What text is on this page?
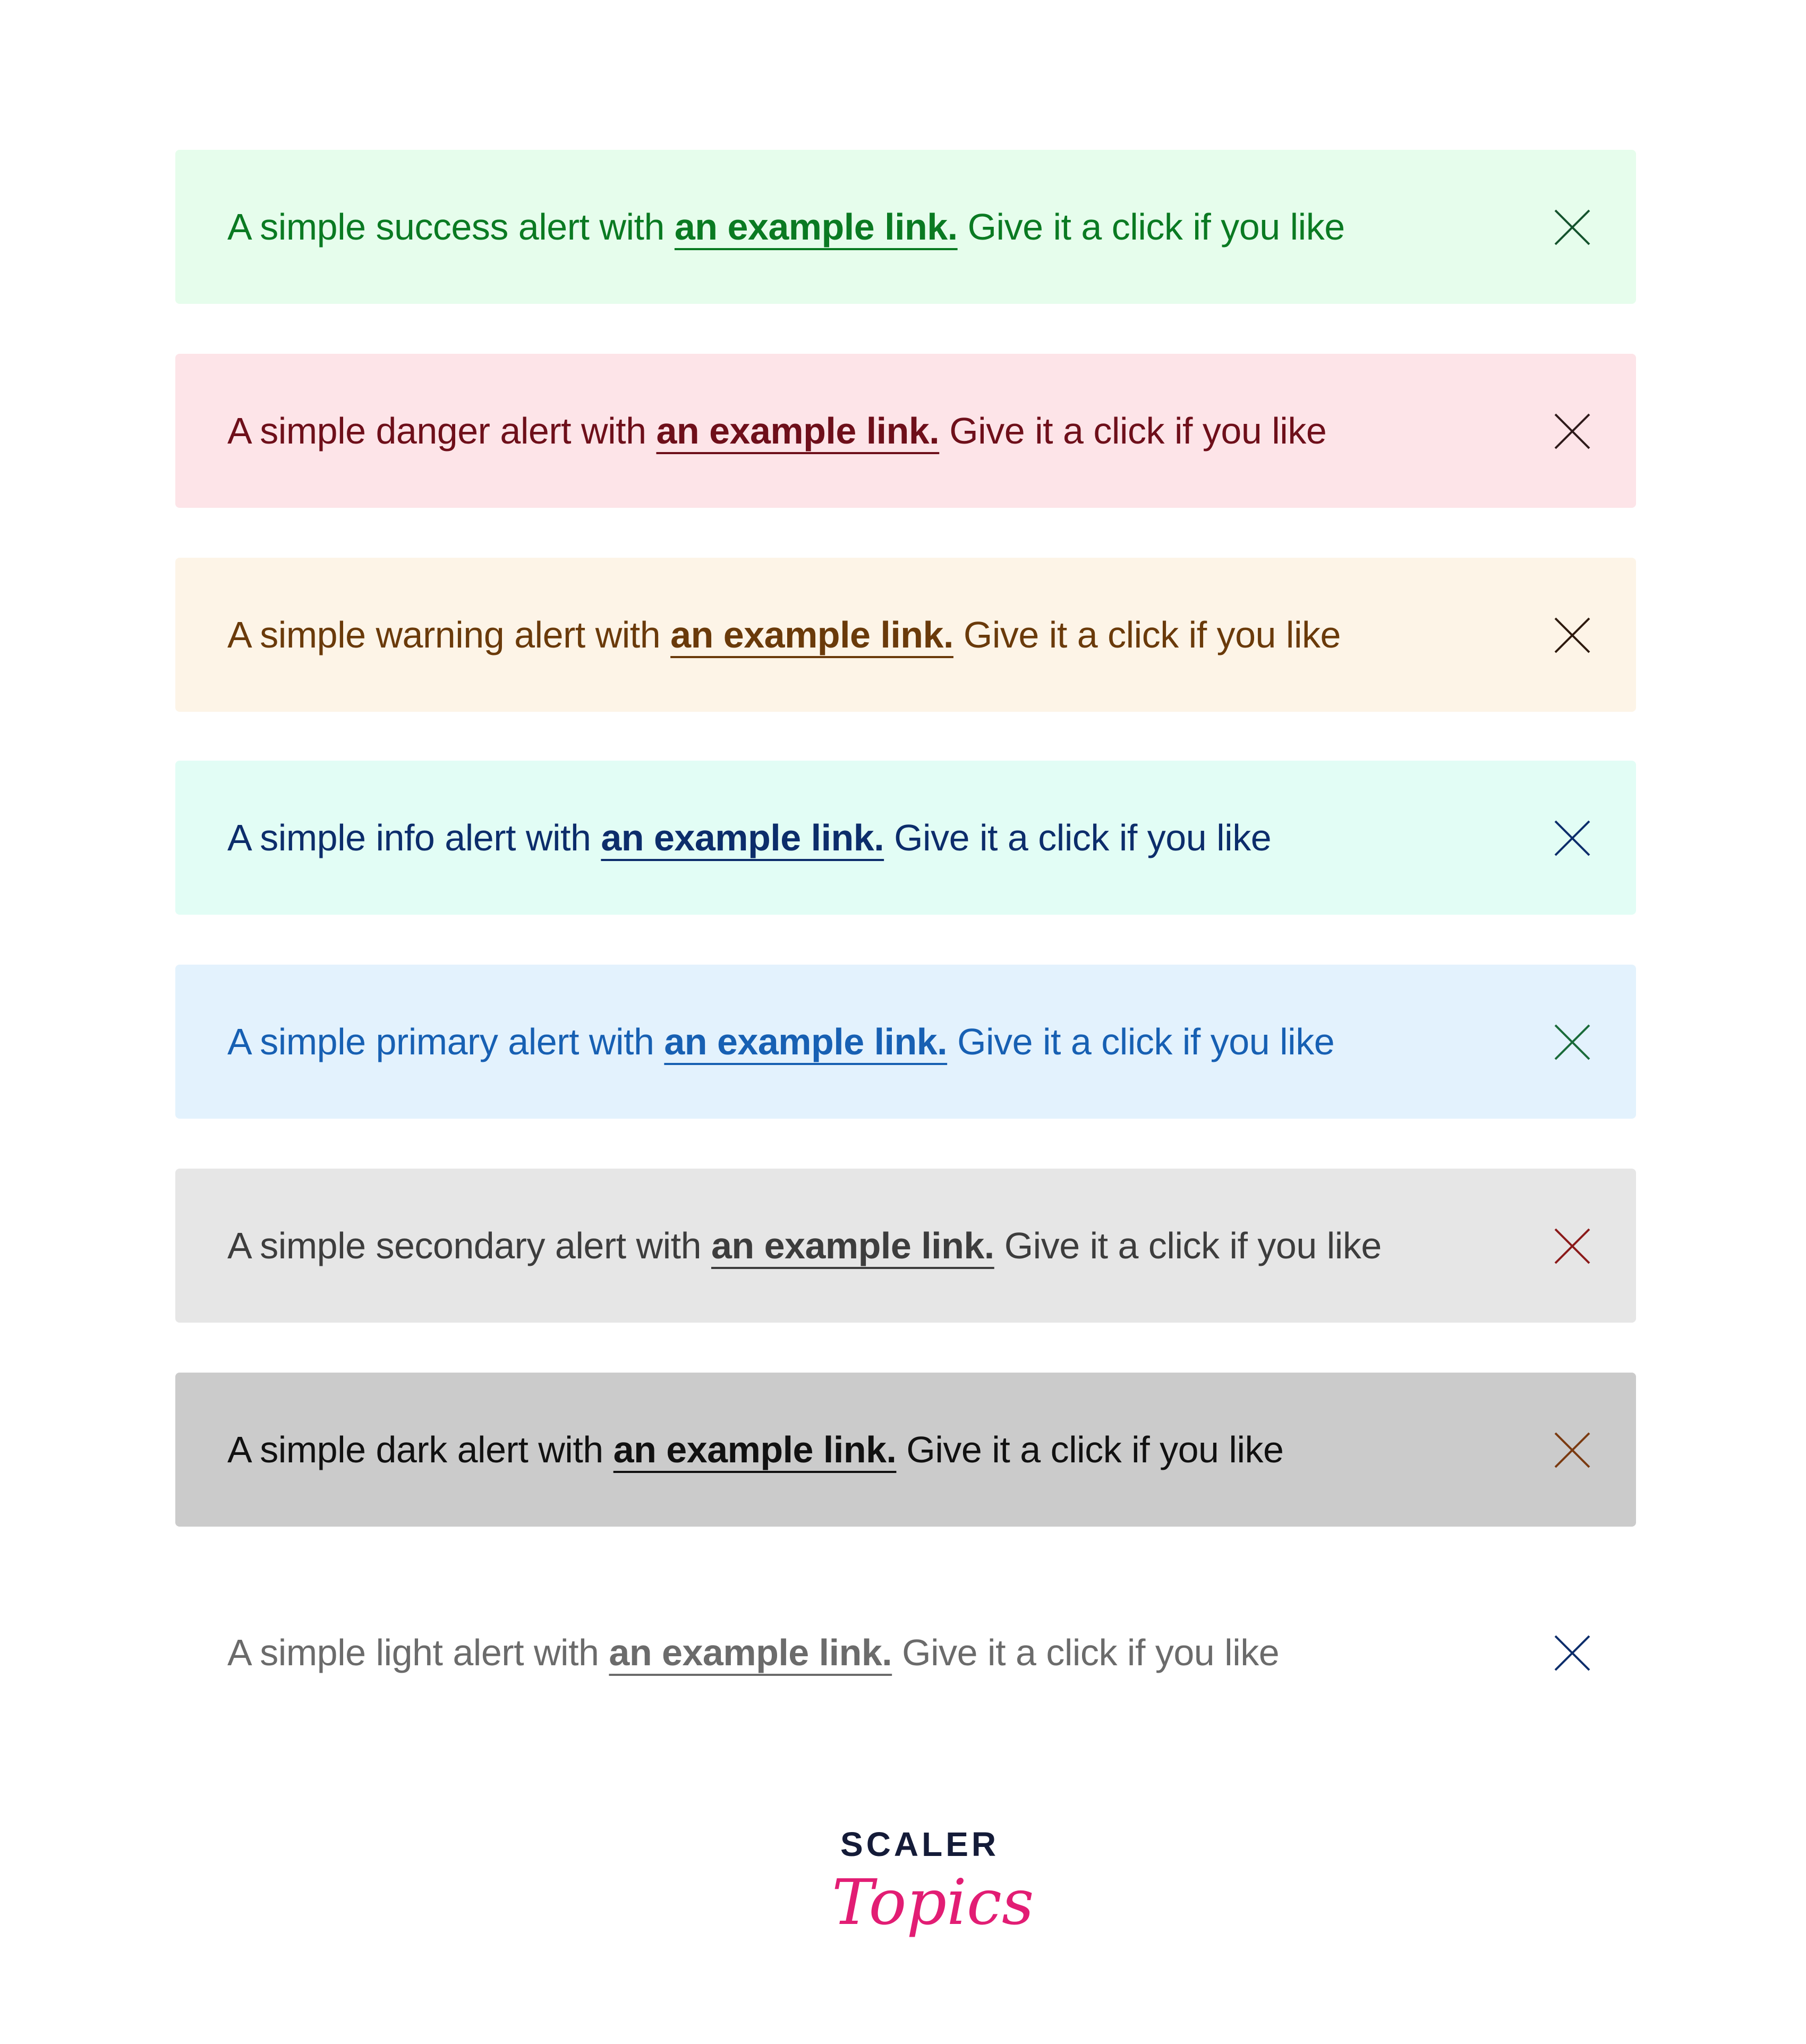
A simple success alert with an example link. Give it a click if you like
A simple danger alert with an example link. Give it a click if you like
A simple warning alert with an example link. Give it a click if you like
A simple info alert with an example link. Give it a click if you like
A simple primary alert with an example link. Give it a click if you like
A simple secondary alert with an example link. Give it a click if you like
A simple dark alert with an example link. Give it a click if you like
A simple light alert with an example link. Give it a click if you like
SCALER
Topics
